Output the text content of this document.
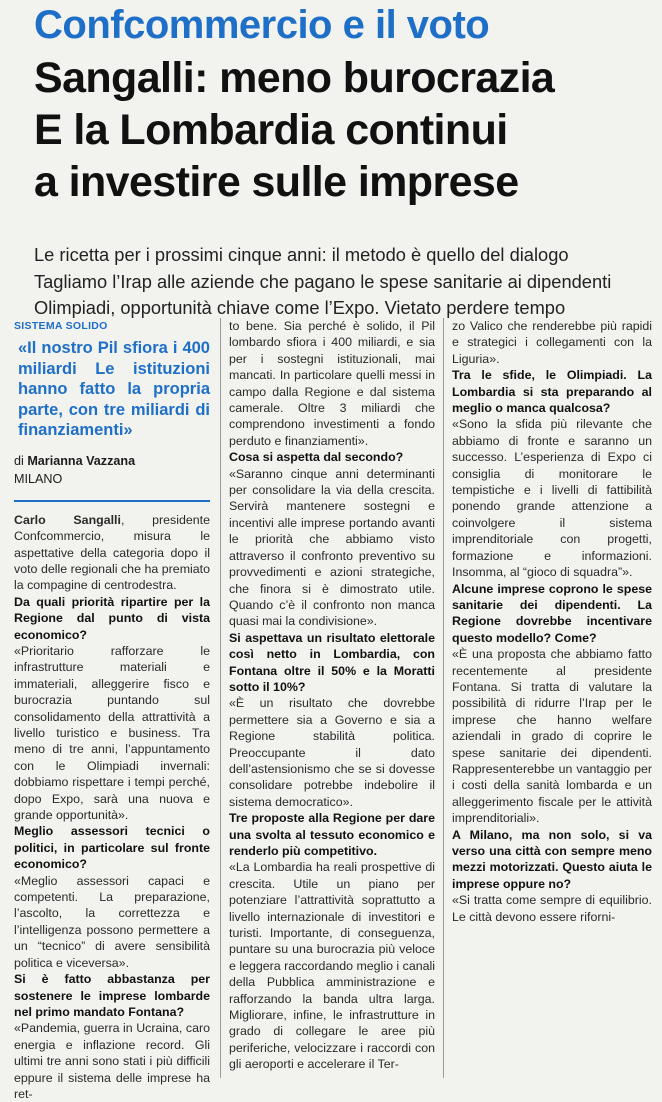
Confcommercio e il voto
Sangalli: meno burocrazia
E la Lombardia continui
a investire sulle imprese
Le ricetta per i prossimi cinque anni: il metodo è quello del dialogo
Tagliamo l’Irap alle aziende che pagano le spese sanitarie ai dipendenti
Olimpiadi, opportunità chiave come l’Expo. Vietato perdere tempo
SISTEMA SOLIDO
«Il nostro Pil sfiora i 400 miliardi Le istituzioni hanno fatto la propria parte, con tre miliardi di finanziamenti»
di Marianna Vazzana
MILANO

Carlo Sangalli, presidente Confcommercio, misura le aspettative della categoria dopo il voto delle regionali che ha premiato la compagine di centrodestra.

Da quali priorità ripartire per la Regione dal punto di vista economico?

«Prioritario rafforzare le infrastrutture materiali e immateriali, alleggerire fisco e burocrazia puntando sul consolidamento della attrattività a livello turistico e business. Tra meno di tre anni, l’appuntamento con le Olimpiadi invernali: dobbiamo rispettare i tempi perché, dopo Expo, sarà una nuova e grande opportunità».

Meglio assessori tecnici o politici, in particolare sul fronte economico?

«Meglio assessori capaci e competenti. La preparazione, l’ascolto, la correttezza e l’intelligenza possono permettere a un “tecnico” di avere sensibilità politica e viceversa».

Si è fatto abbastanza per sostenere le imprese lombarde nel primo mandato Fontana?

«Pandemia, guerra in Ucraina, caro energia e inflazione record. Gli ultimi tre anni sono stati i più difficili eppure il sistema delle imprese ha ret-

to bene. Sia perché è solido, il Pil lombardo sfiora i 400 miliardi, e sia per i sostegni istituzionali, mai mancati. In particolare quelli messi in campo dalla Regione e dal sistema camerale. Oltre 3 miliardi che comprendono investimenti a fondo perduto e finanziamenti».

Cosa si aspetta dal secondo?

«Saranno cinque anni determinanti per consolidare la via della crescita. Servirà mantenere sostegni e incentivi alle imprese portando avanti le priorità che abbiamo visto attraverso il confronto preventivo su provvedimenti e azioni strategiche, che finora si è dimostrato utile. Quando c’è il confronto non manca quasi mai la condivisione».

Si aspettava un risultato elettorale così netto in Lombardia, con Fontana oltre il 50% e la Moratti sotto il 10%?

«È un risultato che dovrebbe permettere sia a Governo e sia a Regione stabilità politica. Preoccupante il dato dell’astensionismo che se si dovesse consolidare potrebbe indebolire il sistema democratico».

Tre proposte alla Regione per dare una svolta al tessuto economico e renderlo più competitivo.

«La Lombardia ha reali prospettive di crescita. Utile un piano per potenziare l’attrattività soprattutto a livello internazionale di investitori e turisti. Importante, di conseguenza, puntare su una burocrazia più veloce e leggera raccordando meglio i canali della Pubblica amministrazione e rafforzando la banda ultra larga. Migliorare, infine, le infrastrutture in grado di collegare le aree più periferiche, velocizzare i raccordi con gli aeroporti e accelerare il Ter-

zo Valico che renderebbe più rapidi e strategici i collegamenti con la Liguria».

Tra le sfide, le Olimpiadi. La Lombardia si sta preparando al meglio o manca qualcosa?

«Sono la sfida più rilevante che abbiamo di fronte e saranno un successo. L’esperienza di Expo ci consiglia di monitorare le tempistiche e i livelli di fattibilità ponendo grande attenzione a coinvolgere il sistema imprenditoriale con progetti, formazione e informazioni. Insomma, al “gioco di squadra”».

Alcune imprese coprono le spese sanitarie dei dipendenti. La Regione dovrebbe incentivare questo modello? Come?

«È una proposta che abbiamo fatto recentemente al presidente Fontana. Si tratta di valutare la possibilità di ridurre l’Irap per le imprese che hanno welfare aziendali in grado di coprire le spese sanitarie dei dipendenti. Rappresenterebbe un vantaggio per i costi della sanità lombarda e un alleggerimento fiscale per le attività imprenditoriali».

A Milano, ma non solo, si va verso una città con sempre meno mezzi motorizzati. Questo aiuta le imprese oppure no?

«Si tratta come sempre di equilibrio. Le città devono essere riforni-
